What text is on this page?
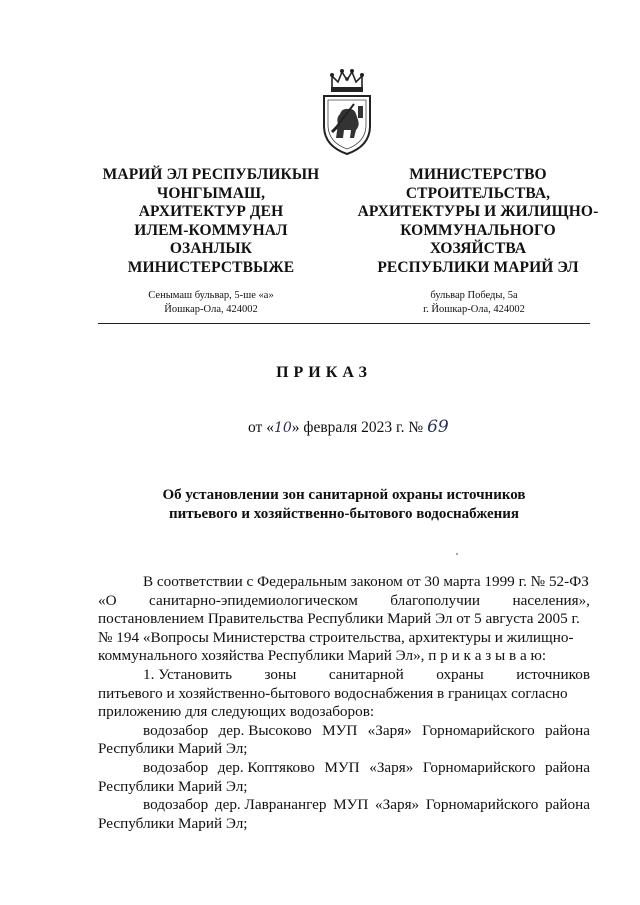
МАРИЙ ЭЛ РЕСПУБЛИКЫН
ЧОНГЫМАШ,
АРХИТЕКТУР ДЕН
ИЛЕМ-КОММУНАЛ
ОЗАНЛЫК
МИНИСТЕРСТВЫЖЕ
МИНИСТЕРСТВО
СТРОИТЕЛЬСТВА,
АРХИТЕКТУРЫ И ЖИЛИЩНО-
КОММУНАЛЬНОГО
ХОЗЯЙСТВА
РЕСПУБЛИКИ МАРИЙ ЭЛ
Сенымаш бульвар, 5-ше «а»
Йошкар-Ола, 424002
бульвар Победы, 5а
г. Йошкар-Ола, 424002
ПРИКАЗ
от «10» февраля 2023 г. № 69
Об установлении зон санитарной охраны источников
питьевого и хозяйственно-бытового водоснабжения
В соответствии с Федеральным законом от 30 марта 1999 г. № 52-ФЗ
«О санитарно-эпидемиологическом благополучии населения»,
постановлением Правительства Республики Марий Эл от 5 августа 2005 г.
№ 194 «Вопросы Министерства строительства, архитектуры и жилищно-
коммунального хозяйства Республики Марий Эл», п р и к а з ы в а ю:
1. Установить зоны санитарной охраны источников
питьевого и хозяйственно-бытового водоснабжения в границах согласно
приложению для следующих водозаборов:
водозабор дер. Высоково МУП «Заря» Горномарийского района
Республики Марий Эл;
водозабор дер. Коптяково МУП «Заря» Горномарийского района
Республики Марий Эл;
водозабор дер. Лавранангер МУП «Заря» Горномарийского района
Республики Марий Эл;
